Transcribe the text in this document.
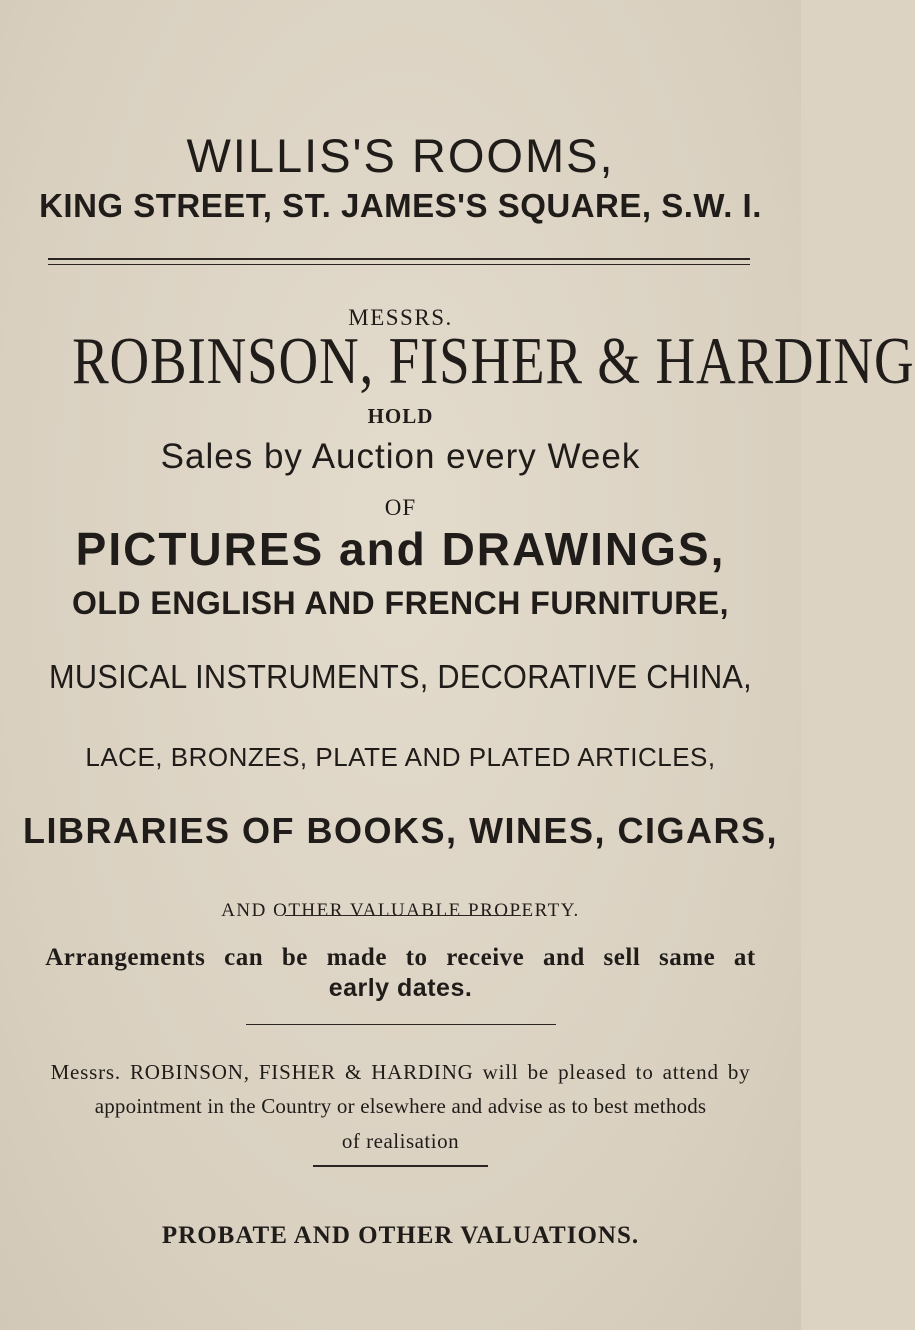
WILLIS'S ROOMS,
KING STREET, ST. JAMES'S SQUARE, S.W. I.
MESSRS.
ROBINSON, FISHER & HARDING
HOLD
Sales by Auction every Week
OF
PICTURES and DRAWINGS,
OLD ENGLISH AND FRENCH FURNITURE,
MUSICAL INSTRUMENTS, DECORATIVE CHINA,
LACE, BRONZES, PLATE AND PLATED ARTICLES,
LIBRARIES OF BOOKS, WINES, CIGARS,
AND OTHER VALUABLE PROPERTY.
Arrangements can be made to receive and sell same at
early dates.
Messrs. ROBINSON, FISHER & HARDING will be pleased to attend by
appointment in the Country or elsewhere and advise as to best methods
of realisation
PROBATE AND OTHER VALUATIONS.
